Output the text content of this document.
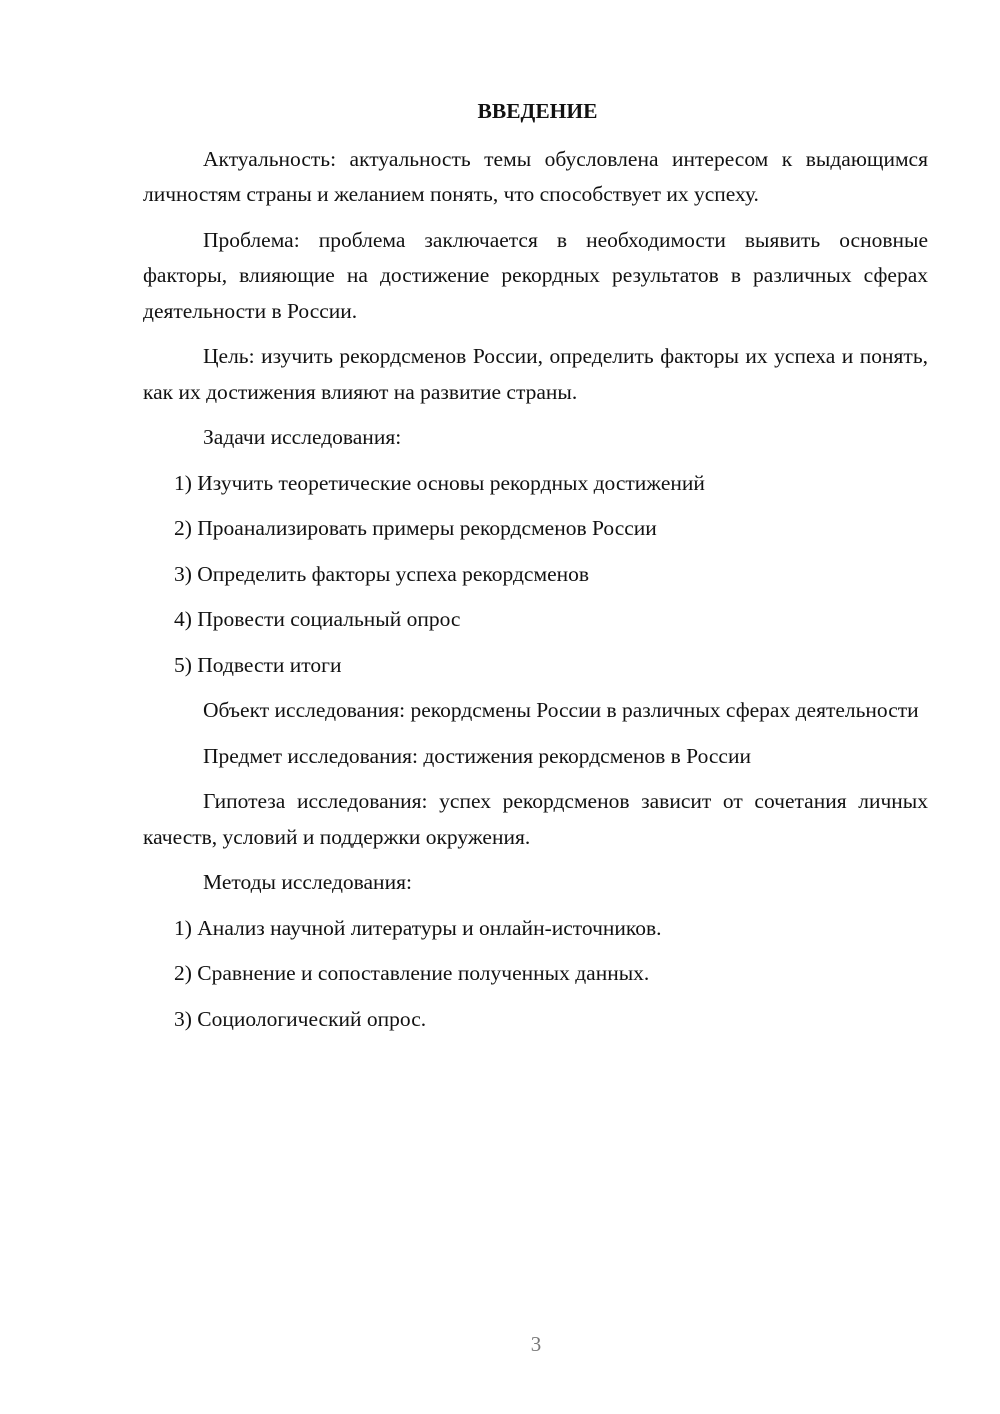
ВВЕДЕНИЕ

Актуальность: актуальность темы обусловлена интересом к выдающимся личностям страны и желанием понять, что способствует их успеху.

Проблема: проблема заключается в необходимости выявить основные факторы, влияющие на достижение рекордных результатов в различных сферах деятельности в России.

Цель: изучить рекордсменов России, определить факторы их успеха и понять, как их достижения влияют на развитие страны.

Задачи исследования:

1) Изучить теоретические основы рекордных достижений
2) Проанализировать примеры рекордсменов России
3) Определить факторы успеха рекордсменов
4) Провести социальный опрос
5) Подвести итоги

Объект исследования: рекордсмены России в различных сферах деятельности

Предмет исследования: достижения рекордсменов в России

Гипотеза исследования: успех рекордсменов зависит от сочетания личных качеств, условий и поддержки окружения.

Методы исследования:

1) Анализ научной литературы и онлайн-источников.
2) Сравнение и сопоставление полученных данных.
3) Социологический опрос.
3
